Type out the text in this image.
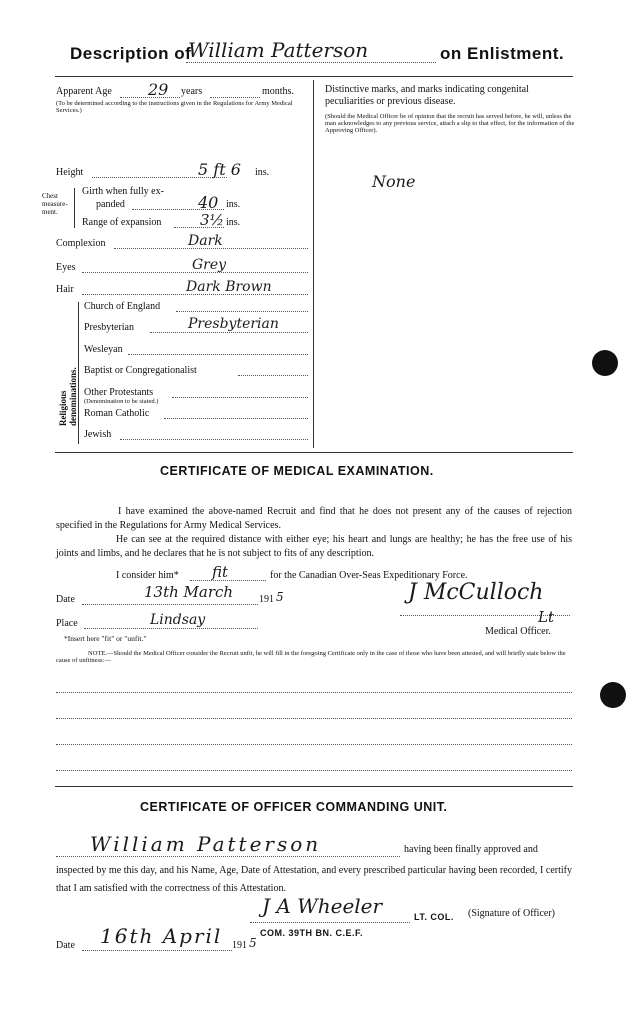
Description of
William Patterson	on Enlistment.
Apparent Age 29 years	months.
(To be determined according to the instructions given in the Regulations for Army Medical Services.)
Height	5 ft 6 ins.
Chest measure-ment.
Girth when fully ex-
panded	40 ins.
Range of expansion	3½ ins.
Complexion	Dark
Eyes	Grey
Hair	Dark Brown
Religious denominations.
Church of England
Presbyterian	Presbyterian
Wesleyan
Baptist or Congregationalist
Other Protestants
(Denomination to be stated.)
Roman Catholic
Jewish
Distinctive marks, and marks indicating congenital peculiarities or previous disease.
(Should the Medical Officer be of opinion that the recruit has served before, he will, unless the man acknowledges to any previous service, attach a slip to that effect, for the information of the Approving Officer).
None
CERTIFICATE OF MEDICAL EXAMINATION.
I have examined the above-named Recruit and find that he does not present any of the causes of rejection specified in the Regulations for Army Medical Services.
He can see at the required distance with either eye; his heart and lungs are healthy; he has the free use of his joints and limbs, and he declares that he is not subject to fits of any description.
I consider him* fit	for the Canadian Over-Seas Expeditionary Force.
Date	13th March	191 5	J McCulloch
Place	Lindsay	Lt
Medical Officer.
*Insert here "fit" or "unfit."
NOTE.—Should the Medical Officer consider the Recruit unfit, he will fill in the foregoing Certificate only in the case of those who have been attested, and will briefly state below the cause of unfitness:—
CERTIFICATE OF OFFICER COMMANDING UNIT.
William Patterson	having been finally approved and
inspected by me this day, and his Name, Age, Date of Attestation, and every prescribed particular having been recorded, I certify that I am satisfied with the correctness of this Attestation.
J A Wheeler	LT. COL. (Signature of Officer)
Date 16th April 191 5
COM. 39TH BN. C.E.F.
